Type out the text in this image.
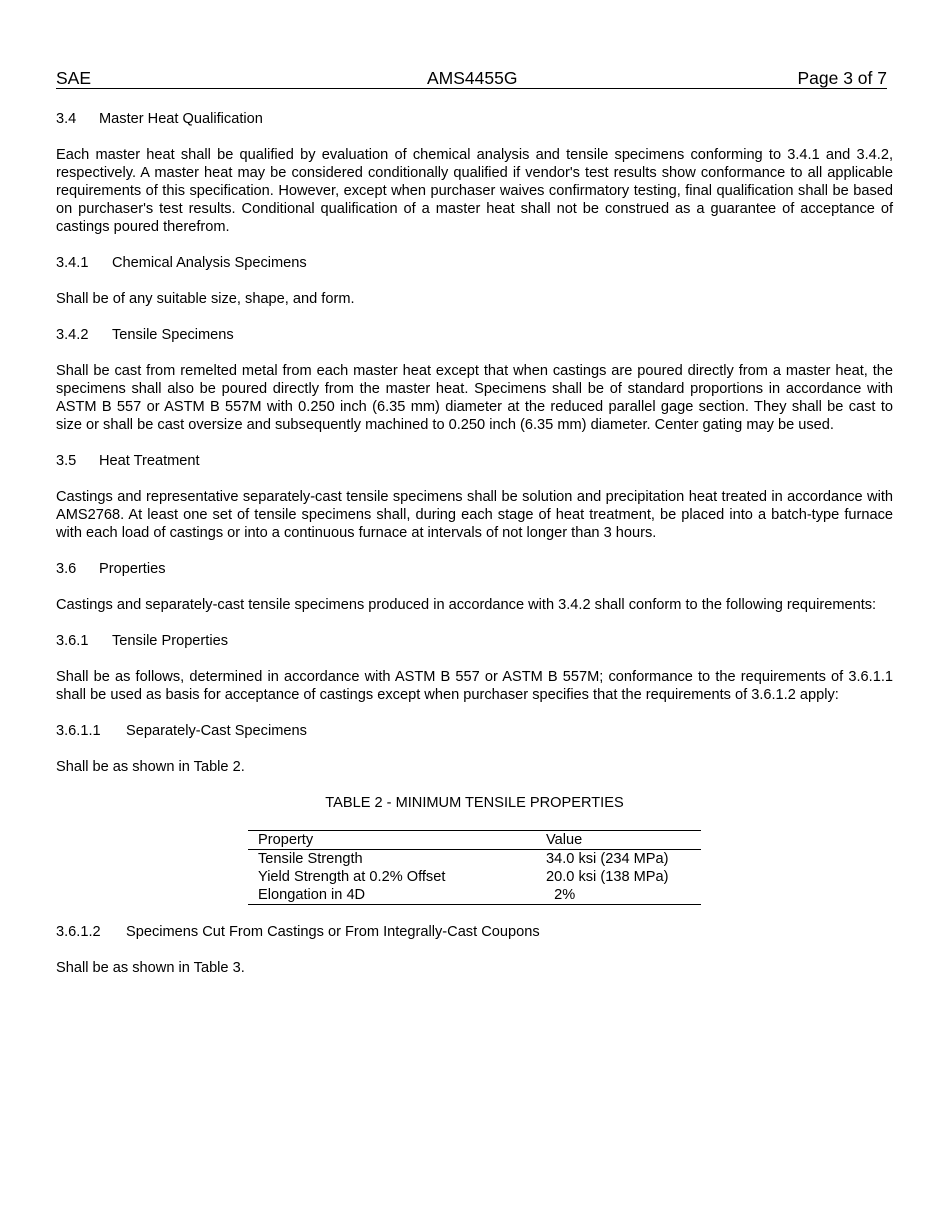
SAE	AMS4455G	Page 3 of 7
3.4 Master Heat Qualification

Each master heat shall be qualified by evaluation of chemical analysis and tensile specimens conforming to 3.4.1 and 3.4.2, respectively. A master heat may be considered conditionally qualified if vendor's test results show conformance to all applicable requirements of this specification. However, except when purchaser waives confirmatory testing, final qualification shall be based on purchaser's test results. Conditional qualification of a master heat shall not be construed as a guarantee of acceptance of castings poured therefrom.

3.4.1 Chemical Analysis Specimens

Shall be of any suitable size, shape, and form.

3.4.2 Tensile Specimens

Shall be cast from remelted metal from each master heat except that when castings are poured directly from a master heat, the specimens shall also be poured directly from the master heat. Specimens shall be of standard proportions in accordance with ASTM B 557 or ASTM B 557M with 0.250 inch (6.35 mm) diameter at the reduced parallel gage section. They shall be cast to size or shall be cast oversize and subsequently machined to 0.250 inch (6.35 mm) diameter. Center gating may be used.

3.5 Heat Treatment

Castings and representative separately-cast tensile specimens shall be solution and precipitation heat treated in accordance with AMS2768. At least one set of tensile specimens shall, during each stage of heat treatment, be placed into a batch-type furnace with each load of castings or into a continuous furnace at intervals of not longer than 3 hours.

3.6 Properties

Castings and separately-cast tensile specimens produced in accordance with 3.4.2 shall conform to the following requirements:

3.6.1 Tensile Properties

Shall be as follows, determined in accordance with ASTM B 557 or ASTM B 557M; conformance to the requirements of 3.6.1.1 shall be used as basis for acceptance of castings except when purchaser specifies that the requirements of 3.6.1.2 apply:

3.6.1.1 Separately-Cast Specimens

Shall be as shown in Table 2.

TABLE 2 - MINIMUM TENSILE PROPERTIES
Property	Value
Tensile Strength	34.0 ksi (234 MPa)
Yield Strength at 0.2% Offset	20.0 ksi (138 MPa)
Elongation in 4D	2%
3.6.1.2 Specimens Cut From Castings or From Integrally-Cast Coupons

Shall be as shown in Table 3.
